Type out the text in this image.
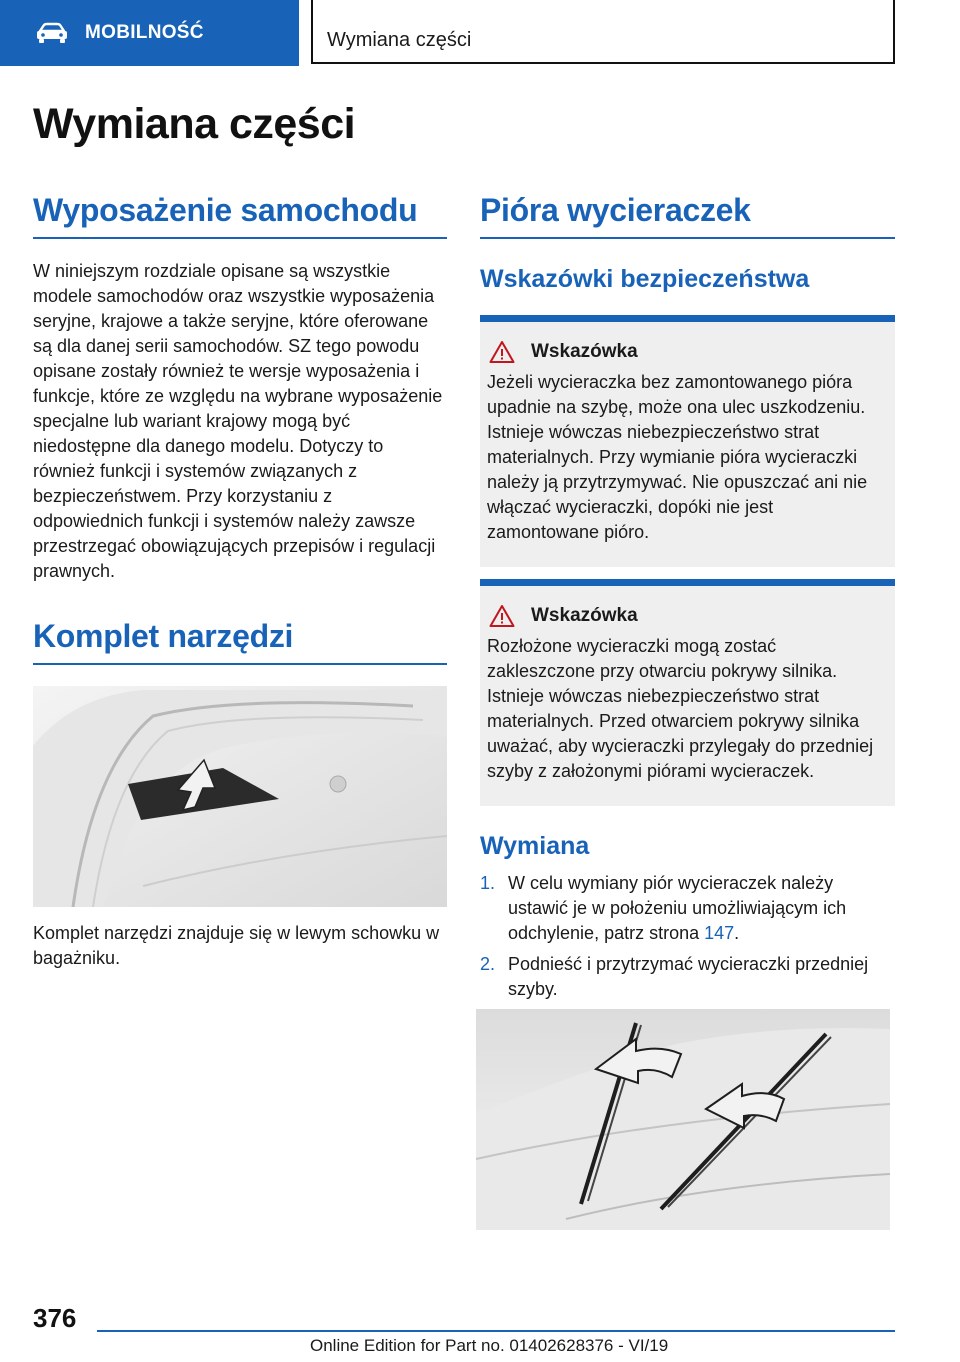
MOBILNOŚĆ	Wymiana części
Wymiana części
Wyposażenie samochodu

W niniejszym rozdziale opisane są wszystkie modele samochodów oraz wszystkie wyposażenia seryjne, krajowe a także seryjne, które oferowane są dla danej serii samochodów. SZ tego powodu opisane zostały również te wersje wyposażenia i funkcje, które ze względu na wybrane wyposażenie specjalne lub wariant krajowy mogą być niedostępne dla danego modelu. Dotyczy to również funkcji i systemów związanych z bezpieczeństwem. Przy korzystaniu z odpowiednich funkcji i systemów należy zawsze przestrzegać obowiązujących przepisów i regulacji prawnych.

Komplet narzędzi

Komplet narzędzi znajduje się w lewym schowku w bagażniku.

Pióra wycieraczek
Wskazówki bezpieczeństwa
Wskazówka

Jeżeli wycieraczka bez zamontowanego pióra upadnie na szybę, może ona ulec uszkodzeniu. Istnieje wówczas niebezpieczeństwo strat materialnych. Przy wymianie pióra wycieraczki należy ją przytrzymywać. Nie opuszczać ani nie włączać wycieraczki, dopóki nie jest zamontowane pióro.

Wskazówka

Rozłożone wycieraczki mogą zostać zakleszczone przy otwarciu pokrywy silnika. Istnieje wówczas niebezpieczeństwo strat materialnych. Przed otwarciem pokrywy silnika uważać, aby wycieraczki przylegały do przedniej szyby z założonymi piórami wycieraczek.

Wymiana
1. W celu wymiany piór wycieraczek należy ustawić je w położeniu umożliwiającym ich odchylenie, patrz strona 147.
2. Podnieść i przytrzymać wycieraczki przedniej szyby.
376
Online Edition for Part no. 01402628376 - VI/19
